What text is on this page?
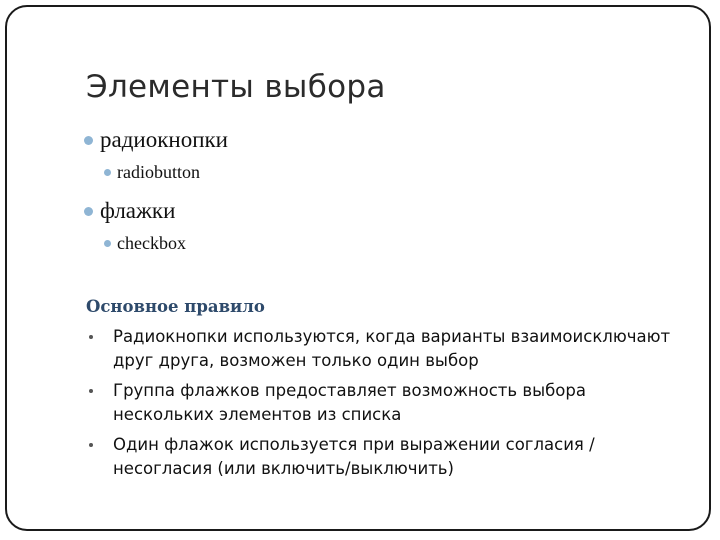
Элементы выбора
радиокнопки
radiobutton
флажки
checkbox
Основное правило
Радиокнопки используются, когда варианты взаимоисключают друг друга, возможен только один выбор
Группа флажков предоставляет возможность выбора нескольких элементов из списка
Один флажок используется при выражении согласия / несогласия (или включить/выключить)
